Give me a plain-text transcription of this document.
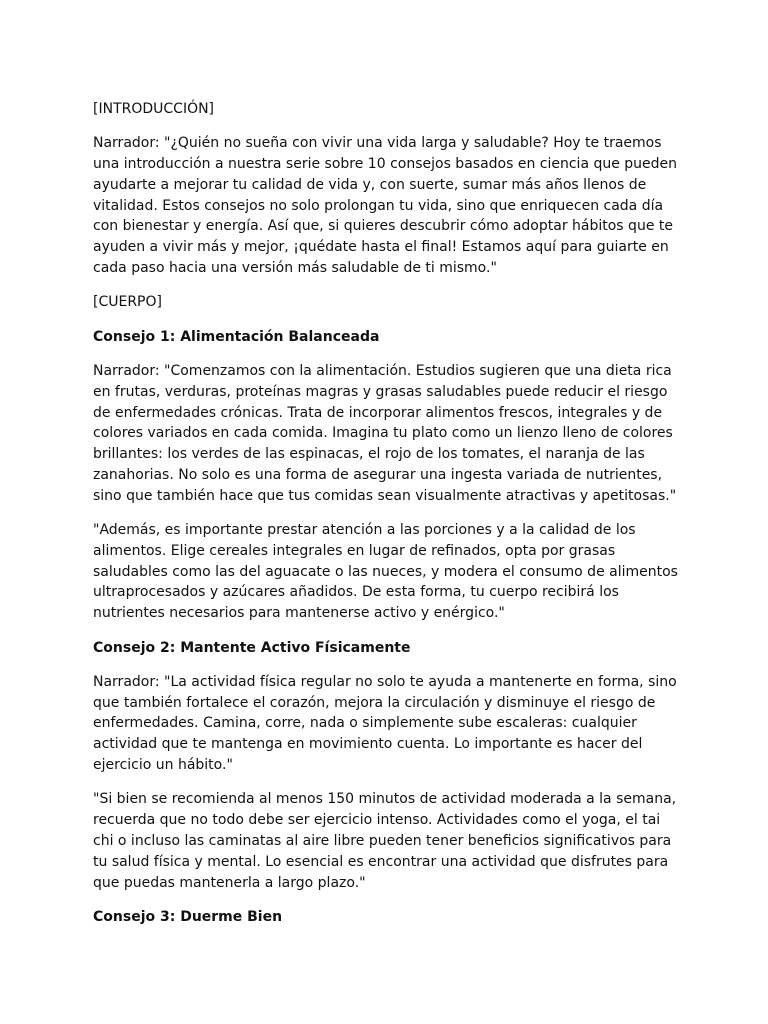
[INTRODUCCIÓN]

Narrador: "¿Quién no sueña con vivir una vida larga y saludable? Hoy te traemos una introducción a nuestra serie sobre 10 consejos basados en ciencia que pueden ayudarte a mejorar tu calidad de vida y, con suerte, sumar más años llenos de vitalidad. Estos consejos no solo prolongan tu vida, sino que enriquecen cada día con bienestar y energía. Así que, si quieres descubrir cómo adoptar hábitos que te ayuden a vivir más y mejor, ¡quédate hasta el final! Estamos aquí para guiarte en cada paso hacia una versión más saludable de ti mismo."

[CUERPO]

Consejo 1: Alimentación Balanceada

Narrador: "Comenzamos con la alimentación. Estudios sugieren que una dieta rica en frutas, verduras, proteínas magras y grasas saludables puede reducir el riesgo de enfermedades crónicas. Trata de incorporar alimentos frescos, integrales y de colores variados en cada comida. Imagina tu plato como un lienzo lleno de colores brillantes: los verdes de las espinacas, el rojo de los tomates, el naranja de las zanahorias. No solo es una forma de asegurar una ingesta variada de nutrientes, sino que también hace que tus comidas sean visualmente atractivas y apetitosas."

"Además, es importante prestar atención a las porciones y a la calidad de los alimentos. Elige cereales integrales en lugar de refinados, opta por grasas saludables como las del aguacate o las nueces, y modera el consumo de alimentos ultraprocesados y azúcares añadidos. De esta forma, tu cuerpo recibirá los nutrientes necesarios para mantenerse activo y enérgico."

Consejo 2: Mantente Activo Físicamente

Narrador: "La actividad física regular no solo te ayuda a mantenerte en forma, sino que también fortalece el corazón, mejora la circulación y disminuye el riesgo de enfermedades. Camina, corre, nada o simplemente sube escaleras: cualquier actividad que te mantenga en movimiento cuenta. Lo importante es hacer del ejercicio un hábito."

"Si bien se recomienda al menos 150 minutos de actividad moderada a la semana, recuerda que no todo debe ser ejercicio intenso. Actividades como el yoga, el tai chi o incluso las caminatas al aire libre pueden tener beneficios significativos para tu salud física y mental. Lo esencial es encontrar una actividad que disfrutes para que puedas mantenerla a largo plazo."

Consejo 3: Duerme Bien
